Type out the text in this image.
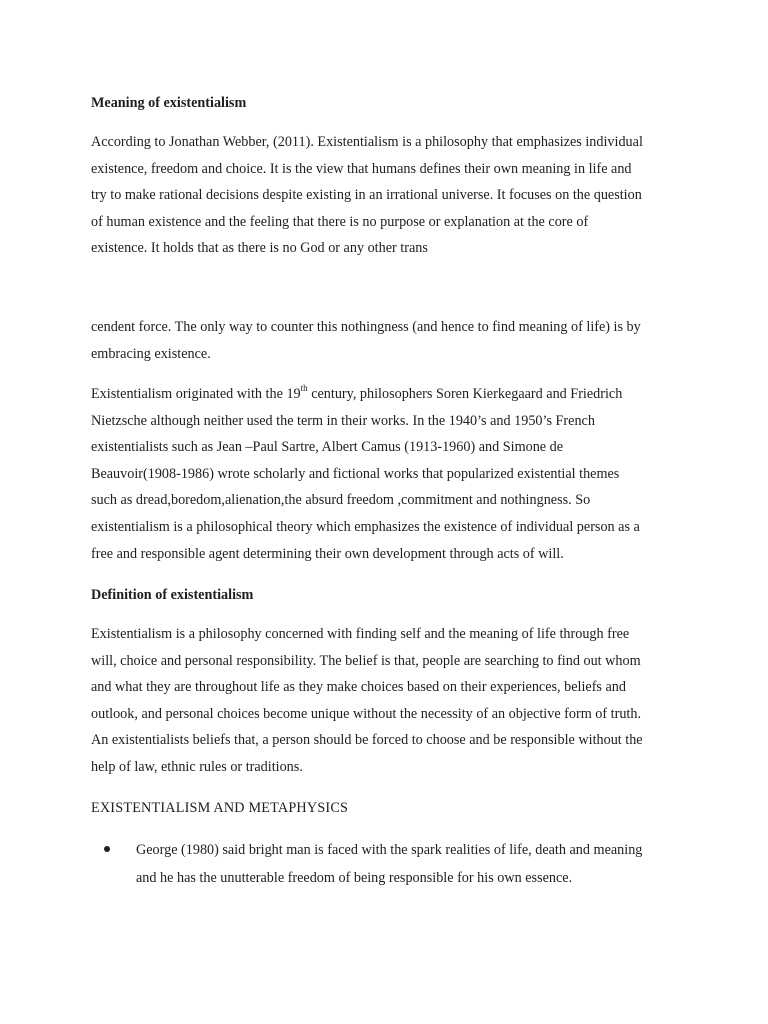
Meaning of existentialism
According to Jonathan Webber, (2011). Existentialism is a philosophy that emphasizes individual
existence, freedom and choice. It is the view that humans defines their own meaning in life and
try to make rational decisions despite existing in an irrational universe. It focuses on the question
of human existence and the feeling that there is no purpose or explanation at the core of
existence. It holds that as there is no God or any other trans
cendent force. The only way to counter this nothingness (and hence to find meaning of life) is by
embracing existence.
Existentialism originated with the 19th century, philosophers Soren Kierkegaard and Friedrich
Nietzsche although neither used the term in their works. In the 1940’s and 1950’s French
existentialists such as Jean –Paul Sartre, Albert Camus (1913-1960) and Simone de
Beauvoir(1908-1986) wrote scholarly and fictional works that popularized existential themes
such as dread,boredom,alienation,the absurd freedom ,commitment and nothingness. So
existentialism is a philosophical theory which emphasizes the existence of individual person as a
free and responsible agent determining their own development through acts of will.
Definition of existentialism
Existentialism is a philosophy concerned with finding self and the meaning of life through free
will, choice and personal responsibility. The belief is that, people are searching to find out whom
and what they are throughout life as they make choices based on their experiences, beliefs and
outlook, and personal choices become unique without the necessity of an objective form of truth.
An existentialists beliefs that, a person should be forced to choose and be responsible without the
help of law, ethnic rules or traditions.
EXISTENTIALISM AND METAPHYSICS
George (1980) said bright man is faced with the spark realities of life, death and meaning
and he has the unutterable freedom of being responsible for his own essence.
